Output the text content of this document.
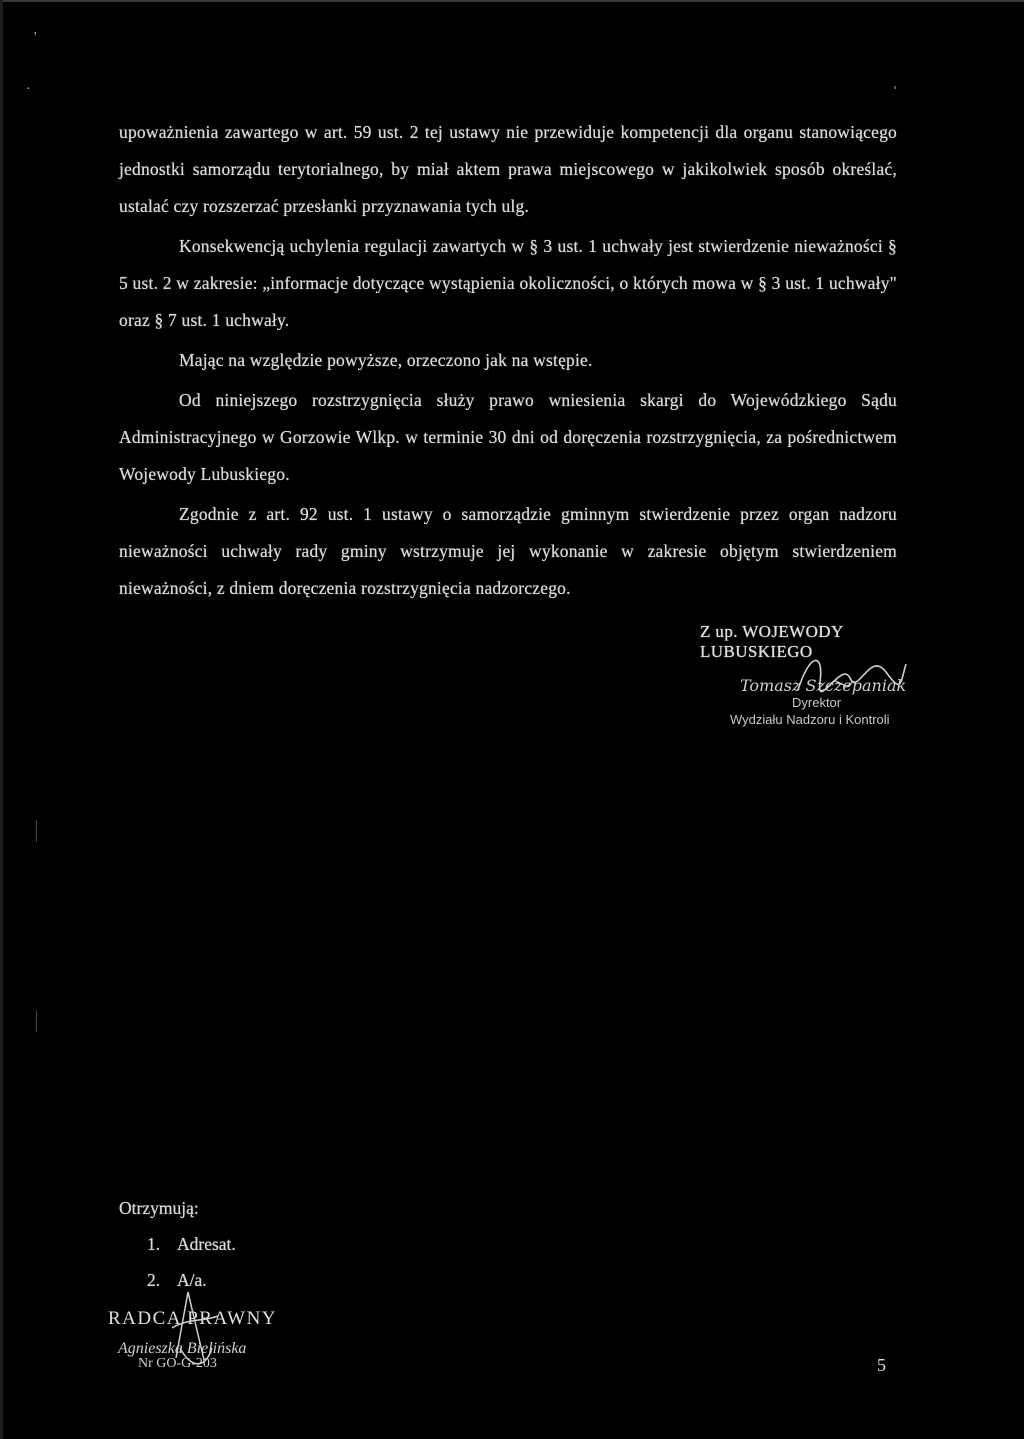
'
·

upoważnienia zawartego w art. 59 ust. 2 tej ustawy nie przewiduje kompetencji dla organu stanowiącego jednostki samorządu terytorialnego, by miał aktem prawa miejscowego w jakikolwiek sposób określać, ustalać czy rozszerzać przesłanki przyznawania tych ulg.

Konsekwencją uchylenia regulacji zawartych w § 3 ust. 1 uchwały jest stwierdzenie nieważności § 5 ust. 2 w zakresie: „informacje dotyczące wystąpienia okoliczności, o których mowa w § 3 ust. 1 uchwały" oraz § 7 ust. 1 uchwały.

Mając na względzie powyższe, orzeczono jak na wstępie.

Od niniejszego rozstrzygnięcia służy prawo wniesienia skargi do Wojewódzkiego Sądu Administracyjnego w Gorzowie Wlkp. w terminie 30 dni od doręczenia rozstrzygnięcia, za pośrednictwem Wojewody Lubuskiego.

Zgodnie z art. 92 ust. 1 ustawy o samorządzie gminnym stwierdzenie przez organ nadzoru nieważności uchwały rady gminy wstrzymuje jej wykonanie w zakresie objętym stwierdzeniem nieważności, z dniem doręczenia rozstrzygnięcia nadzorczego.

Z up. WOJEWODY LUBUSKIEGO
Tomasz Szczepaniak
Dyrektor
Wydziału Nadzoru i Kontroli
Otrzymują:
1. Adresat.
2. A/a.
RADCA PRAWNY
Agnieszka Bielińska
Nr GO-G-203	5
